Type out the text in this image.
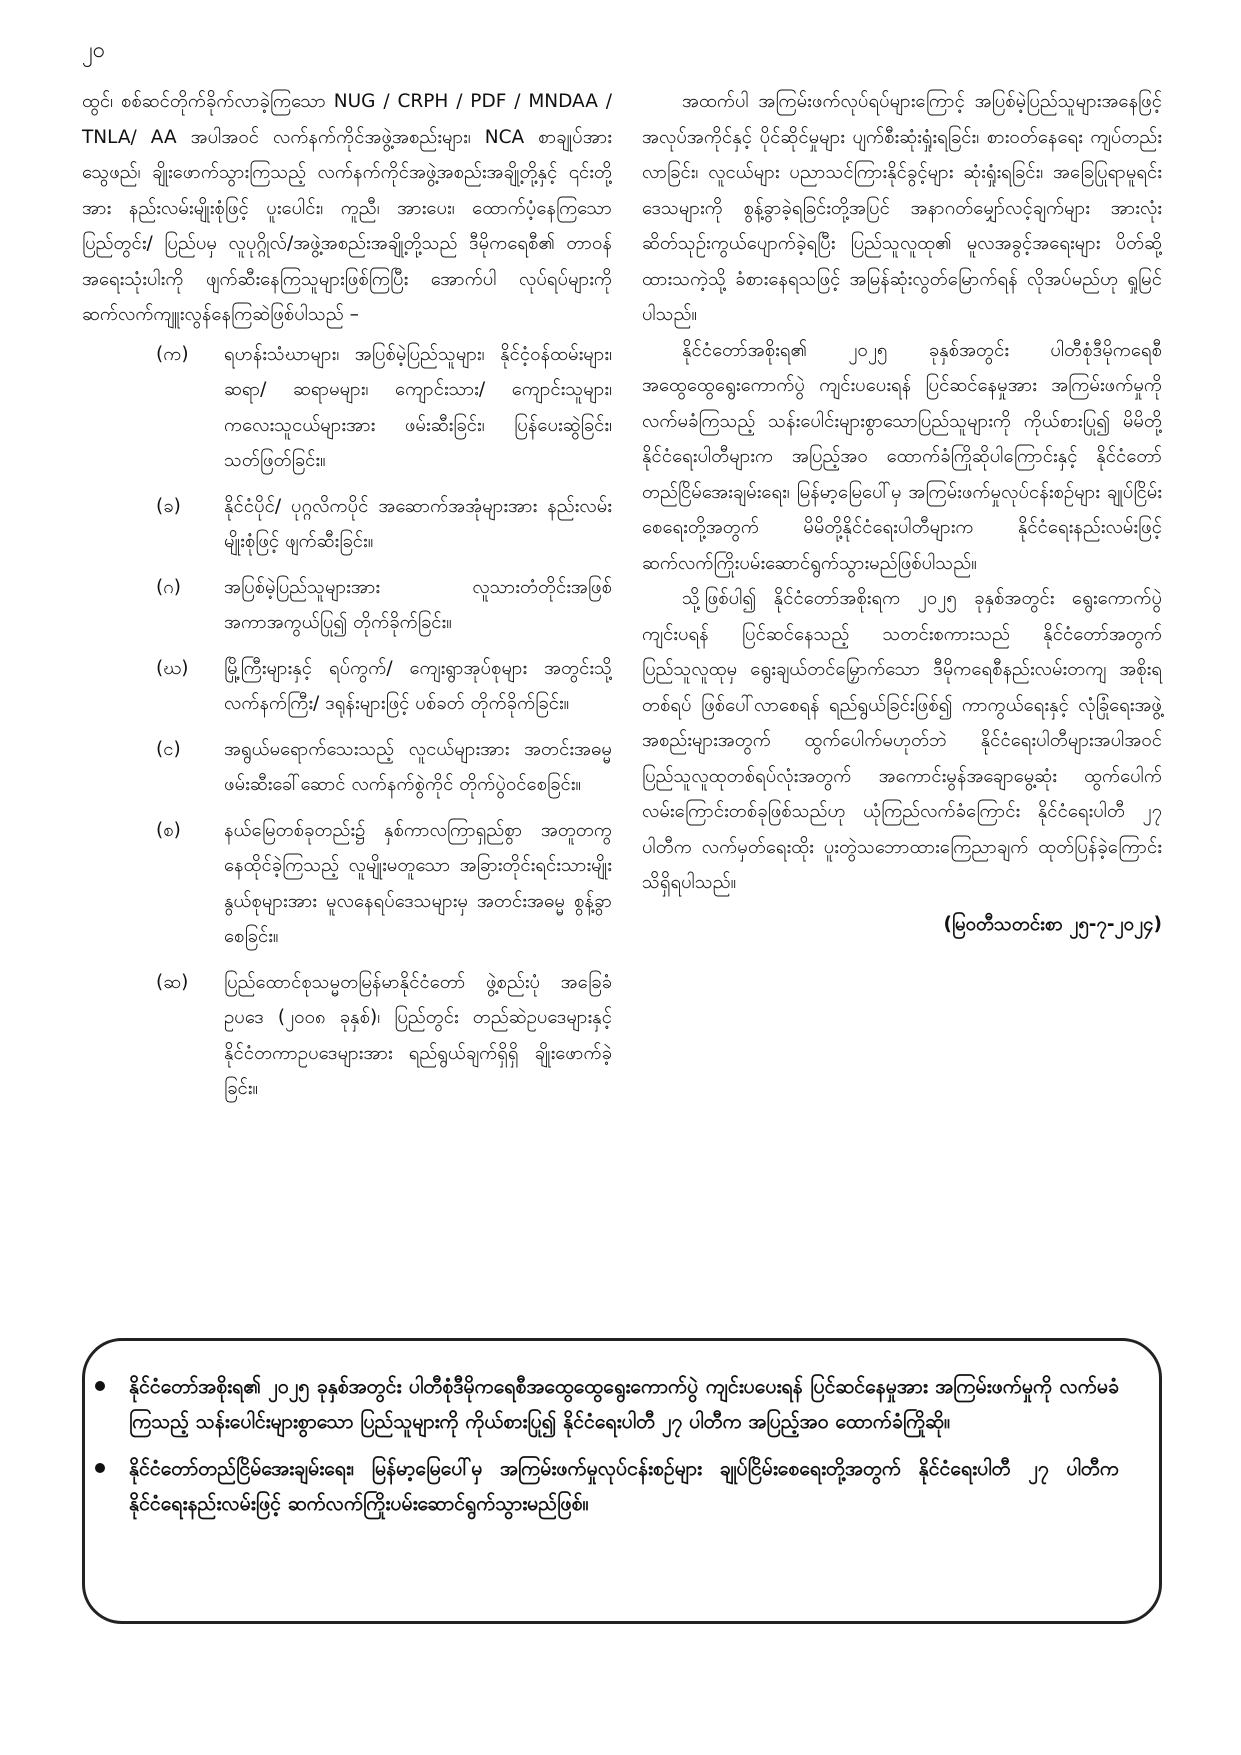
၂၀

ထွင်၊ စစ်ဆင်တိုက်ခိုက်လာခဲ့ကြသော NUG / CRPH / PDF / MNDAA / TNLA/ AA အပါအဝင် လက်နက်ကိုင်အဖွဲ့အစည်းများ၊ NCA စာချုပ်အား သွေဖည်၊ ချိုးဖောက်သွားကြသည့် လက်နက်ကိုင်အဖွဲ့အစည်းအချို့တို့နှင့် ၎င်းတို့အား နည်းလမ်းမျိုးစုံဖြင့် ပူးပေါင်း၊ ကူညီ၊ အားပေး၊ ထောက်ပံ့နေကြသော ပြည်တွင်း/ ပြည်ပမှ လူပုဂ္ဂိုလ်/အဖွဲ့အစည်းအချို့တို့သည် ဒီမိုကရေစီ၏ တာဝန်အရေးသုံးပါးကို ဖျက်ဆီးနေကြသူများဖြစ်ကြပြီး အောက်ပါ လုပ်ရပ်များကို ဆက်လက်ကျူးလွန်နေကြဆဲဖြစ်ပါသည် –

(က)	ရဟန်းသံဃာများ၊ အပြစ်မဲ့ပြည်သူများ၊ နိုင်ငံ့ဝန်ထမ်းများ၊ ဆရာ/ ဆရာမများ၊ ကျောင်းသား/ ကျောင်းသူများ၊ ကလေးသူငယ်များအား ဖမ်းဆီးခြင်း၊ ပြန်ပေးဆွဲခြင်း၊ သတ်ဖြတ်ခြင်း။
(ခ)	နိုင်ငံပိုင်/ ပုဂ္ဂလိကပိုင် အဆောက်အအုံများအား နည်းလမ်းမျိုးစုံဖြင့် ဖျက်ဆီးခြင်း။
(ဂ)	အပြစ်မဲ့ပြည်သူများအား လူသားတံတိုင်းအဖြစ် အကာအကွယ်ပြု၍ တိုက်ခိုက်ခြင်း။
(ဃ)	မြို့ကြီးများနှင့် ရပ်ကွက်/ ကျေးရွာအုပ်စုများ အတွင်းသို့ လက်နက်ကြီး/ ဒရုန်းများဖြင့် ပစ်ခတ် တိုက်ခိုက်ခြင်း။
(င)	အရွယ်မရောက်သေးသည့် လူငယ်များအား အတင်းအဓမ္မ ဖမ်းဆီးခေါ်ဆောင် လက်နက်စွဲကိုင် တိုက်ပွဲဝင်စေခြင်း။
(စ)	နယ်မြေတစ်ခုတည်း၌ နှစ်ကာလကြာရှည်စွာ အတူတကွနေထိုင်ခဲ့ကြသည့် လူမျိုးမတူသော အခြားတိုင်းရင်းသားမျိုးနွယ်စုများအား မူလနေရပ်ဒေသများမှ အတင်းအဓမ္မ စွန့်ခွာစေခြင်း။
(ဆ)	ပြည်ထောင်စုသမ္မတမြန်မာနိုင်ငံတော် ဖွဲ့စည်းပုံ အခြေခံဥပဒေ (၂၀၀၈ ခုနှစ်)၊ ပြည်တွင်း တည်ဆဲဥပဒေများနှင့် နိုင်ငံတကာဥပဒေများအား ရည်ရွယ်ချက်ရှိရှိ ချိုးဖောက်ခဲ့ခြင်း။

အထက်ပါ အကြမ်းဖက်လုပ်ရပ်များကြောင့် အပြစ်မဲ့ပြည်သူများအနေဖြင့် အလုပ်အကိုင်နှင့် ပိုင်ဆိုင်မှုများ ပျက်စီးဆုံးရှုံးရခြင်း၊ စားဝတ်နေရေး ကျပ်တည်းလာခြင်း၊ လူငယ်များ ပညာသင်ကြားနိုင်ခွင့်များ ဆုံးရှုံးရခြင်း၊ အခြေပြုရာမူရင်းဒေသများကို စွန့်ခွာခဲ့ရခြင်းတို့အပြင် အနာဂတ်မျှော်လင့်ချက်များ အားလုံး ဆိတ်သုဉ်းကွယ်ပျောက်ခဲ့ရပြီး ပြည်သူလူထု၏ မူလအခွင့်အရေးများ ပိတ်ဆို့ထားသကဲ့သို့ ခံစားနေရသဖြင့် အမြန်ဆုံးလွတ်မြောက်ရန် လိုအပ်မည်ဟု ရှုမြင်ပါသည်။

နိုင်ငံတော်အစိုးရ၏ ၂၀၂၅ ခုနှစ်အတွင်း ပါတီစုံဒီမိုကရေစီအထွေထွေရွေးကောက်ပွဲ ကျင်းပပေးရန် ပြင်ဆင်နေမှုအား အကြမ်းဖက်မှုကို လက်မခံကြသည့် သန်းပေါင်းများစွာသောပြည်သူများကို ကိုယ်စားပြု၍ မိမိတို့နိုင်ငံရေးပါတီများက အပြည့်အဝ ထောက်ခံကြိုဆိုပါကြောင်းနှင့် နိုင်ငံတော် တည်ငြိမ်အေးချမ်းရေး၊ မြန်မာ့မြေပေါ်မှ အကြမ်းဖက်မှုလုပ်ငန်းစဉ်များ ချုပ်ငြိမ်းစေရေးတို့အတွက် မိမိတို့နိုင်ငံရေးပါတီများက နိုင်ငံရေးနည်းလမ်းဖြင့် ဆက်လက်ကြိုးပမ်းဆောင်ရွက်သွားမည်ဖြစ်ပါသည်။

သို့ဖြစ်ပါ၍ နိုင်ငံတော်အစိုးရက ၂၀၂၅ ခုနှစ်အတွင်း ရွေးကောက်ပွဲကျင်းပရန် ပြင်ဆင်နေသည့် သတင်းစကားသည် နိုင်ငံတော်အတွက် ပြည်သူလူထုမှ ရွေးချယ်တင်မြှောက်သော ဒီမိုကရေစီနည်းလမ်းတကျ အစိုးရတစ်ရပ် ဖြစ်ပေါ်လာစေရန် ရည်ရွယ်ခြင်းဖြစ်၍ ကာကွယ်ရေးနှင့် လုံခြုံရေးအဖွဲ့အစည်းများအတွက် ထွက်ပေါက်မဟုတ်ဘဲ နိုင်ငံရေးပါတီများအပါအဝင် ပြည်သူလူထုတစ်ရပ်လုံးအတွက် အကောင်းမွန်အချောမွေ့ဆုံး ထွက်ပေါက်လမ်းကြောင်းတစ်ခုဖြစ်သည်ဟု ယုံကြည်လက်ခံကြောင်း နိုင်ငံရေးပါတီ ၂၇ ပါတီက လက်မှတ်ရေးထိုး ပူးတွဲသဘောထားကြေညာချက် ထုတ်ပြန်ခဲ့ကြောင်း သိရှိရပါသည်။

(မြဝတီသတင်းစာ ၂၅-၇-၂၀၂၄)
နိုင်ငံတော်အစိုးရ၏ ၂၀၂၅ ခုနှစ်အတွင်း ပါတီစုံဒီမိုကရေစီအထွေထွေရွေးကောက်ပွဲ ကျင်းပပေးရန် ပြင်ဆင်နေမှုအား အကြမ်းဖက်မှုကို လက်မခံကြသည့် သန်းပေါင်းများစွာသော ပြည်သူများကို ကိုယ်စားပြု၍ နိုင်ငံရေးပါတီ ၂၇ ပါတီက အပြည့်အဝ ထောက်ခံကြိုဆို။
နိုင်ငံတော်တည်ငြိမ်အေးချမ်းရေး၊ မြန်မာ့မြေပေါ်မှ အကြမ်းဖက်မှုလုပ်ငန်းစဉ်များ ချုပ်ငြိမ်းစေရေးတို့အတွက် နိုင်ငံရေးပါတီ ၂၇ ပါတီက နိုင်ငံရေးနည်းလမ်းဖြင့် ဆက်လက်ကြိုးပမ်းဆောင်ရွက်သွားမည်ဖြစ်။
